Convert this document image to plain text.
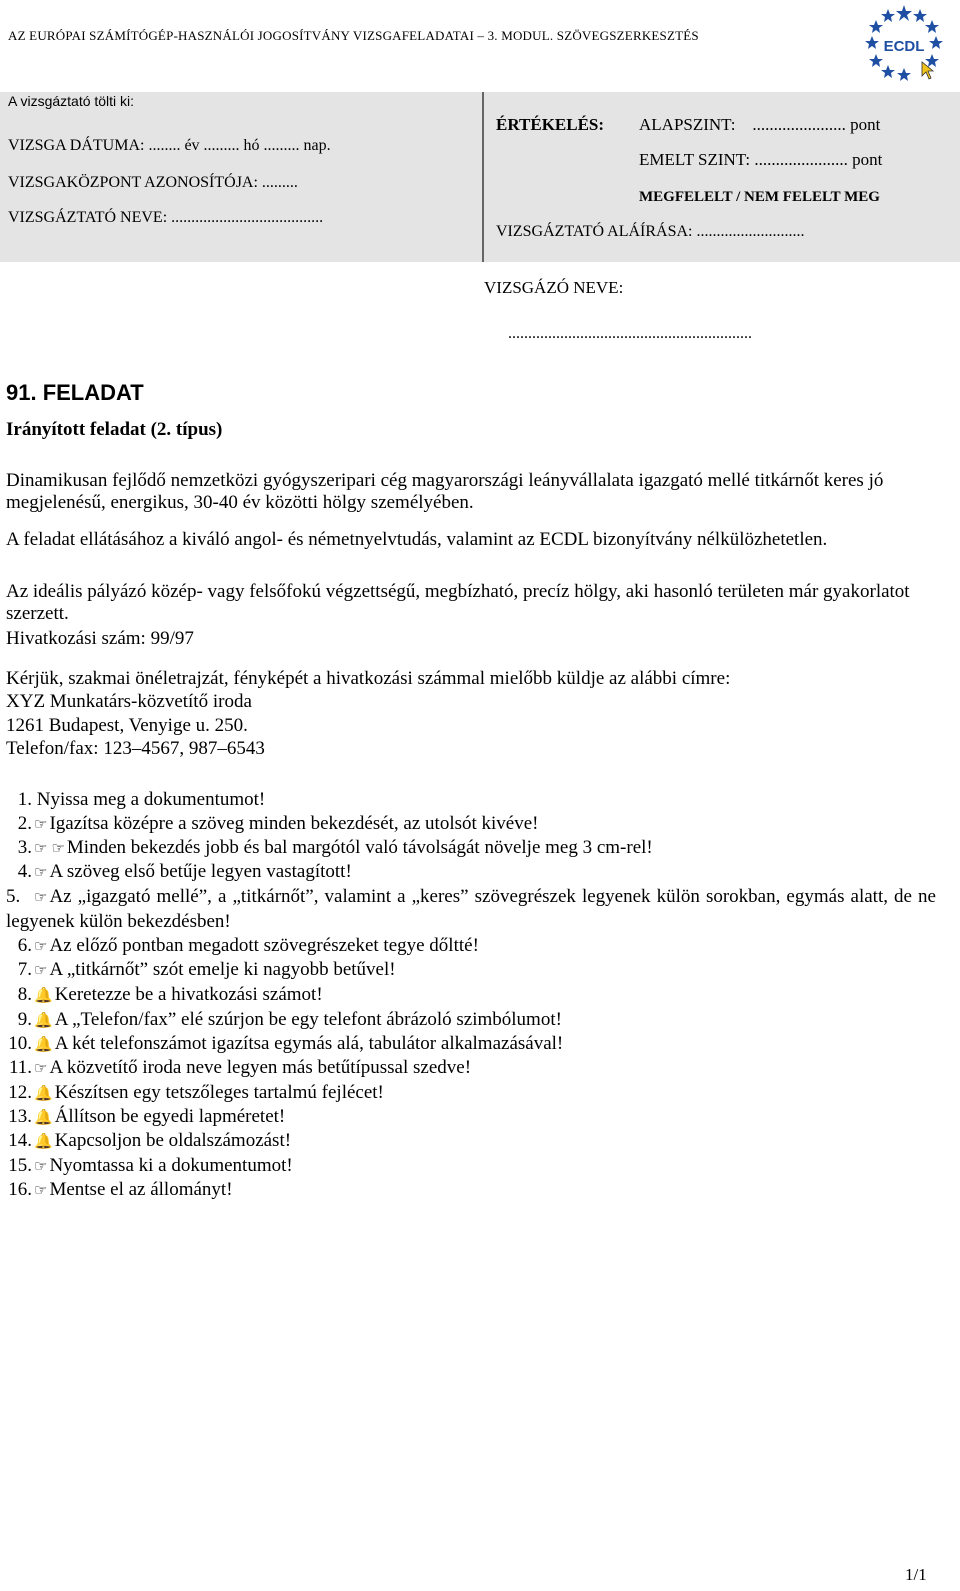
AZ EURÓPAI SZÁMÍTÓGÉP-HASZNÁLÓI JOGOSÍTVÁNY VIZSGAFELADATAI – 3. MODUL. SZÖVEGSZERKESZTÉS
ECDL
A vizsgáztató tölti ki:
VIZSGA DÁTUMA: ........ év ......... hó ......... nap.
VIZSGAKÖZPONT AZONOSÍTÓJA: .........
VIZSGÁZTATÓ NEVE: ......................................
ÉRTÉKELÉS: ALAPSZINT:    ...................... pont
EMELT SZINT: ...................... pont
MEGFELELT / NEM FELELT MEG
VIZSGÁZTATÓ ALÁÍRÁSA: ...........................
VIZSGÁZÓ NEVE:
.............................................................
91. FELADAT
Irányított feladat (2. típus)
Dinamikusan fejlődő nemzetközi gyógyszeripari cég magyarországi leányvállalata igazgató mellé titkárnőt keres jó megjelenésű, energikus, 30-40 év közötti hölgy személyében.
A feladat ellátásához a kiváló angol- és németnyelvtudás, valamint az ECDL bizonyítvány nélkülözhetetlen.
Az ideális pályázó közép- vagy felsőfokú végzettségű, megbízható, precíz hölgy, aki hasonló területen már gyakorlatot szerzett.
Hivatkozási szám: 99/97
Kérjük, szakmai önéletrajzát, fényképét a hivatkozási számmal mielőbb küldje az alábbi címre:
XYZ Munkatárs-közvetítő iroda
1261 Budapest, Venyige u. 250.
Telefon/fax: 123–4567, 987–6543
1. Nyissa meg a dokumentumot!
2. ☞ Igazítsa középre a szöveg minden bekezdését, az utolsót kivéve!
3. ☞ ☞ Minden bekezdés jobb és bal margótól való távolságát növelje meg 3 cm-rel!
4. ☞ A szöveg első betűje legyen vastagított!
5. ☞ Az „igazgató mellé”, a „titkárnőt”, valamint a „keres” szövegrészek legyenek külön sorokban, egymás alatt, de ne legyenek külön bekezdésben!
6. ☞ Az előző pontban megadott szövegrészeket tegye dőltté!
7. ☞ A „titkárnőt” szót emelje ki nagyobb betűvel!
8. 🔔 Keretezze be a hivatkozási számot!
9. 🔔 A „Telefon/fax” elé szúrjon be egy telefont ábrázoló szimbólumot!
10. 🔔 A két telefonszámot igazítsa egymás alá, tabulátor alkalmazásával!
11. ☞ A közvetítő iroda neve legyen más betűtípussal szedve!
12. 🔔 Készítsen egy tetszőleges tartalmú fejlécet!
13. 🔔 Állítson be egyedi lapméretet!
14. 🔔 Kapcsoljon be oldalszámozást!
15. ☞ Nyomtassa ki a dokumentumot!
16. ☞ Mentse el az állományt!
1/1
